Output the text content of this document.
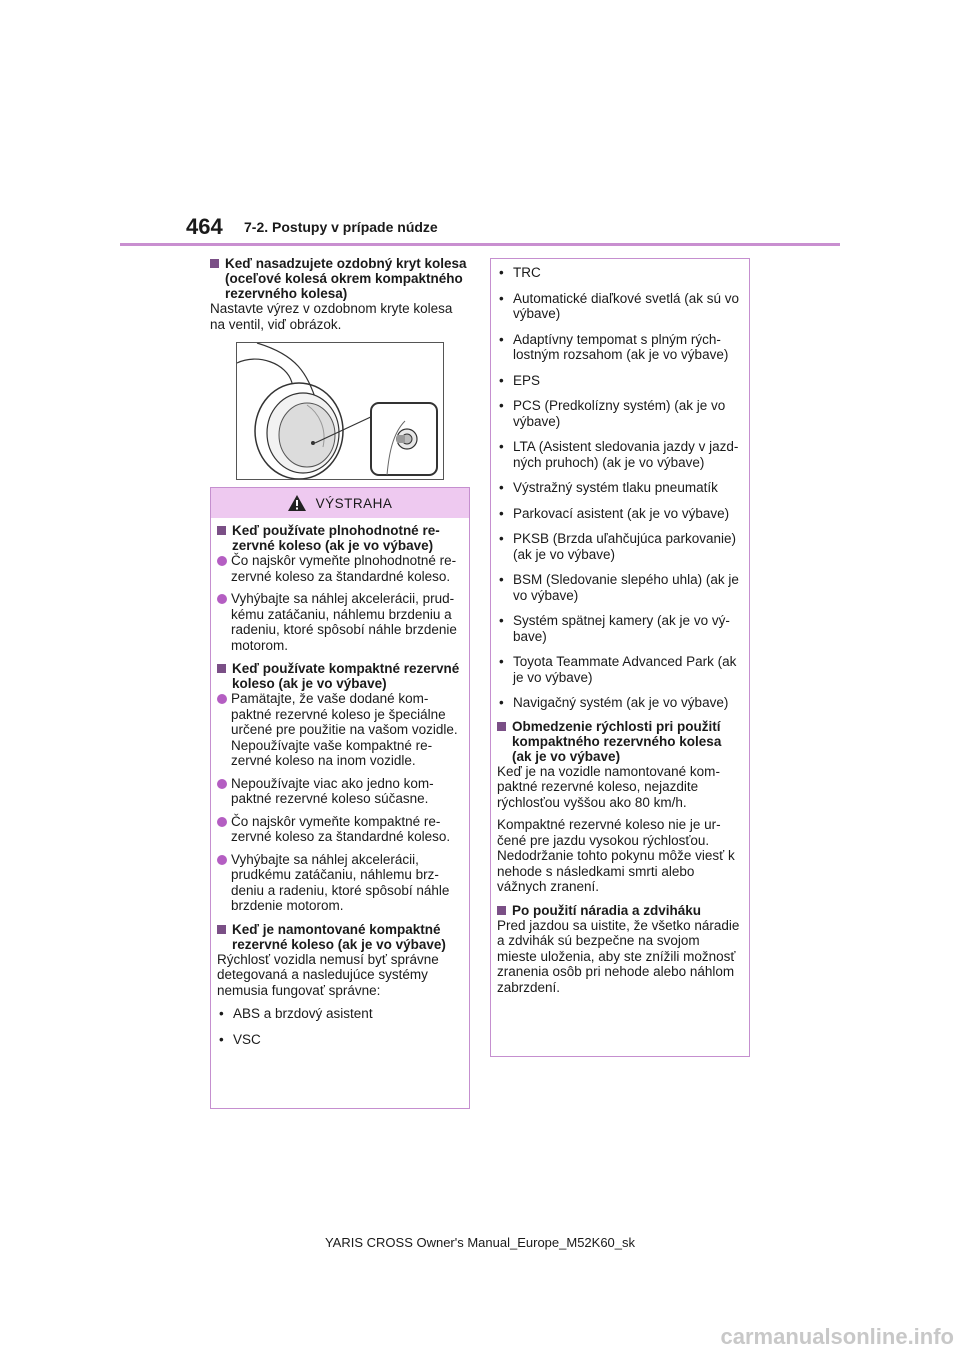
464 7-2. Postupy v prípade núdze
Keď nasadzujete ozdobný kryt kolesa (oceľové kolesá okrem kompaktného rezervného kolesa)

Nastavte výrez v ozdobnom kryte kolesa na ventil, viď obrázok.

VÝSTRAHA
Keď používate plnohodnotné rezervné koleso (ak je vo výbave)
Čo najskôr vymeňte plnohodnotné rezervné koleso za štandardné koleso.
Vyhýbajte sa náhlej akcelerácii, prudkému zatáčaniu, náhlemu brzdeniu a radeniu, ktoré spôsobí náhle brzdenie motorom.
Keď používate kompaktné rezervné koleso (ak je vo výbave)
Pamätajte, že vaše dodané kompaktné rezervné koleso je špeciálne určené pre použitie na vašom vozidle. Nepoužívajte vaše kompaktné rezervné koleso na inom vozidle.
Nepoužívajte viac ako jedno kompaktné rezervné koleso súčasne.
Čo najskôr vymeňte kompaktné rezervné koleso za štandardné koleso.
Vyhýbajte sa náhlej akcelerácii, prudkému zatáčaniu, náhlemu brzdeniu a radeniu, ktoré spôsobí náhle brzdenie motorom.
Keď je namontované kompaktné rezervné koleso (ak je vo výbave)

Rýchlosť vozidla nemusí byť správne detegovaná a nasledujúce systémy nemusia fungovať správne:

• ABS a brzdový asistent
• VSC
• TRC
• Automatické diaľkové svetlá (ak sú vo výbave)
• Adaptívny tempomat s plným rýchlostným rozsahom (ak je vo výbave)
• EPS
• PCS (Predkolízny systém) (ak je vo výbave)
• LTA (Asistent sledovania jazdy v jazdných pruhoch) (ak je vo výbave)
• Výstražný systém tlaku pneumatík
• Parkovací asistent (ak je vo výbave)
• PKSB (Brzda uľahčujúca parkovanie) (ak je vo výbave)
• BSM (Sledovanie slepého uhla) (ak je vo výbave)
• Systém spätnej kamery (ak je vo výbave)
• Toyota Teammate Advanced Park (ak je vo výbave)
• Navigačný systém (ak je vo výbave)
Obmedzenie rýchlosti pri použití kompaktného rezervného kolesa (ak je vo výbave)

Keď je na vozidle namontované kompaktné rezervné koleso, nejazdite rýchlosťou vyššou ako 80 km/h.

Kompaktné rezervné koleso nie je určené pre jazdu vysokou rýchlosťou. Nedodržanie tohto pokynu môže viesť k nehode s následkami smrti alebo vážnych zranení.

Po použití náradia a zdviháku

Pred jazdou sa uistite, že všetko náradie a zdvihák sú bezpečne na svojom mieste uloženia, aby ste znížili možnosť zranenia osôb pri nehode alebo náhlom zabrzdení.

YARIS CROSS Owner's Manual_Europe_M52K60_sk
carmanualsonline.info
